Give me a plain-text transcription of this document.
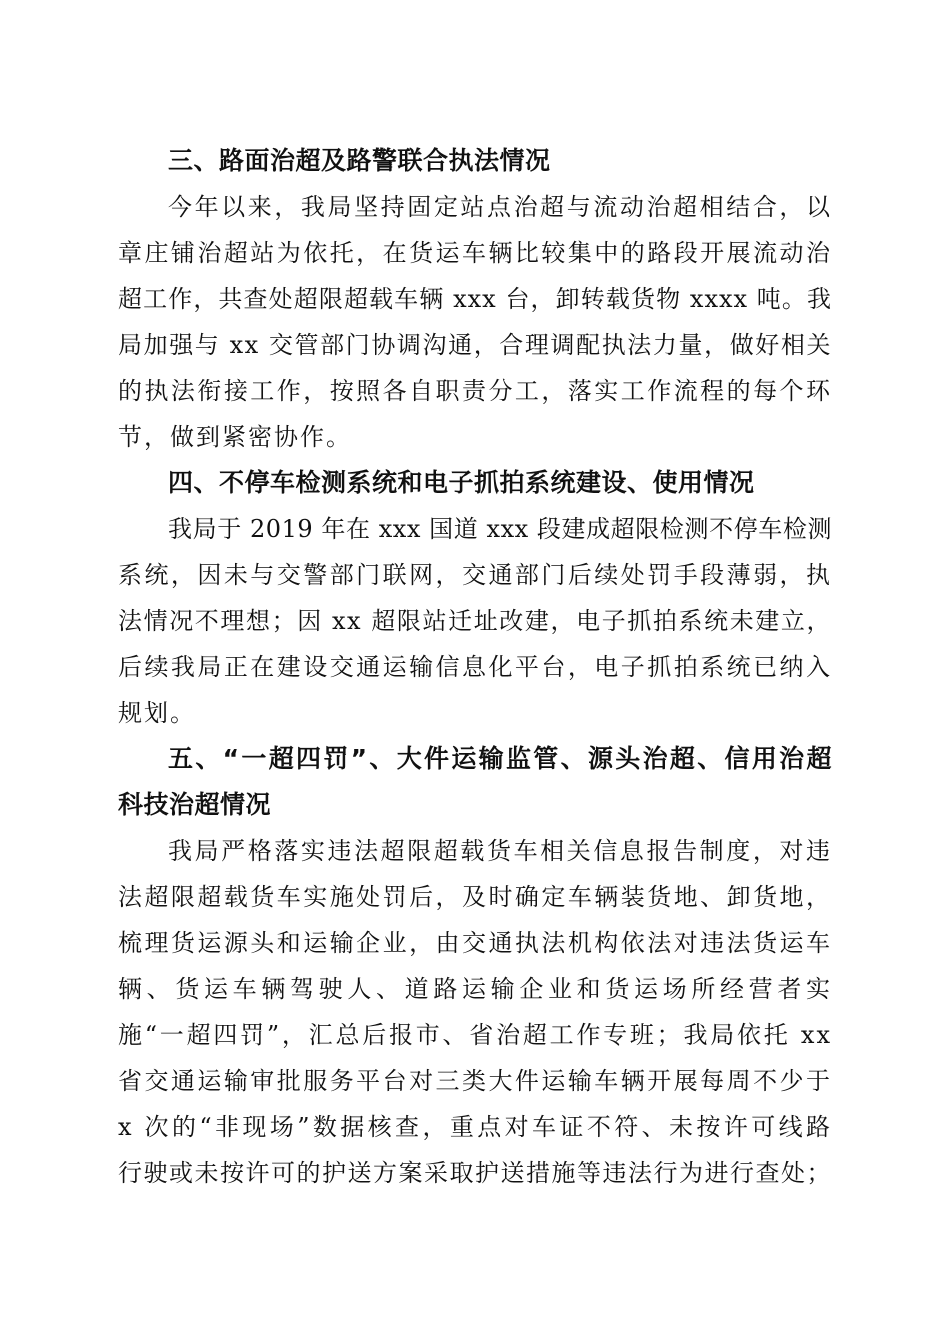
三、路面治超及路警联合执法情况

今年以来，我局坚持固定站点治超与流动治超相结合，以
章庄铺治超站为依托，在货运车辆比较集中的路段开展流动治
超工作，共查处超限超载车辆 xxx 台，卸转载货物 xxxx 吨。我
局加强与 xx 交管部门协调沟通，合理调配执法力量，做好相关
的执法衔接工作，按照各自职责分工，落实工作流程的每个环
节，做到紧密协作。

四、不停车检测系统和电子抓拍系统建设、使用情况

我局于 2019 年在 xxx 国道 xxx 段建成超限检测不停车检测
系统，因未与交警部门联网，交通部门后续处罚手段薄弱，执
法情况不理想；因 xx 超限站迁址改建，电子抓拍系统未建立，
后续我局正在建设交通运输信息化平台，电子抓拍系统已纳入
规划。

五、“一超四罚”、大件运输监管、源头治超、信用治超
科技治超情况

我局严格落实违法超限超载货车相关信息报告制度，对违
法超限超载货车实施处罚后，及时确定车辆装货地、卸货地，
梳理货运源头和运输企业，由交通执法机构依法对违法货运车
辆、货运车辆驾驶人、道路运输企业和货运场所经营者实
施“一超四罚”，汇总后报市、省治超工作专班；我局依托 xx
省交通运输审批服务平台对三类大件运输车辆开展每周不少于
x 次的“非现场”数据核查，重点对车证不符、未按许可线路
行驶或未按许可的护送方案采取护送措施等违法行为进行查处；
